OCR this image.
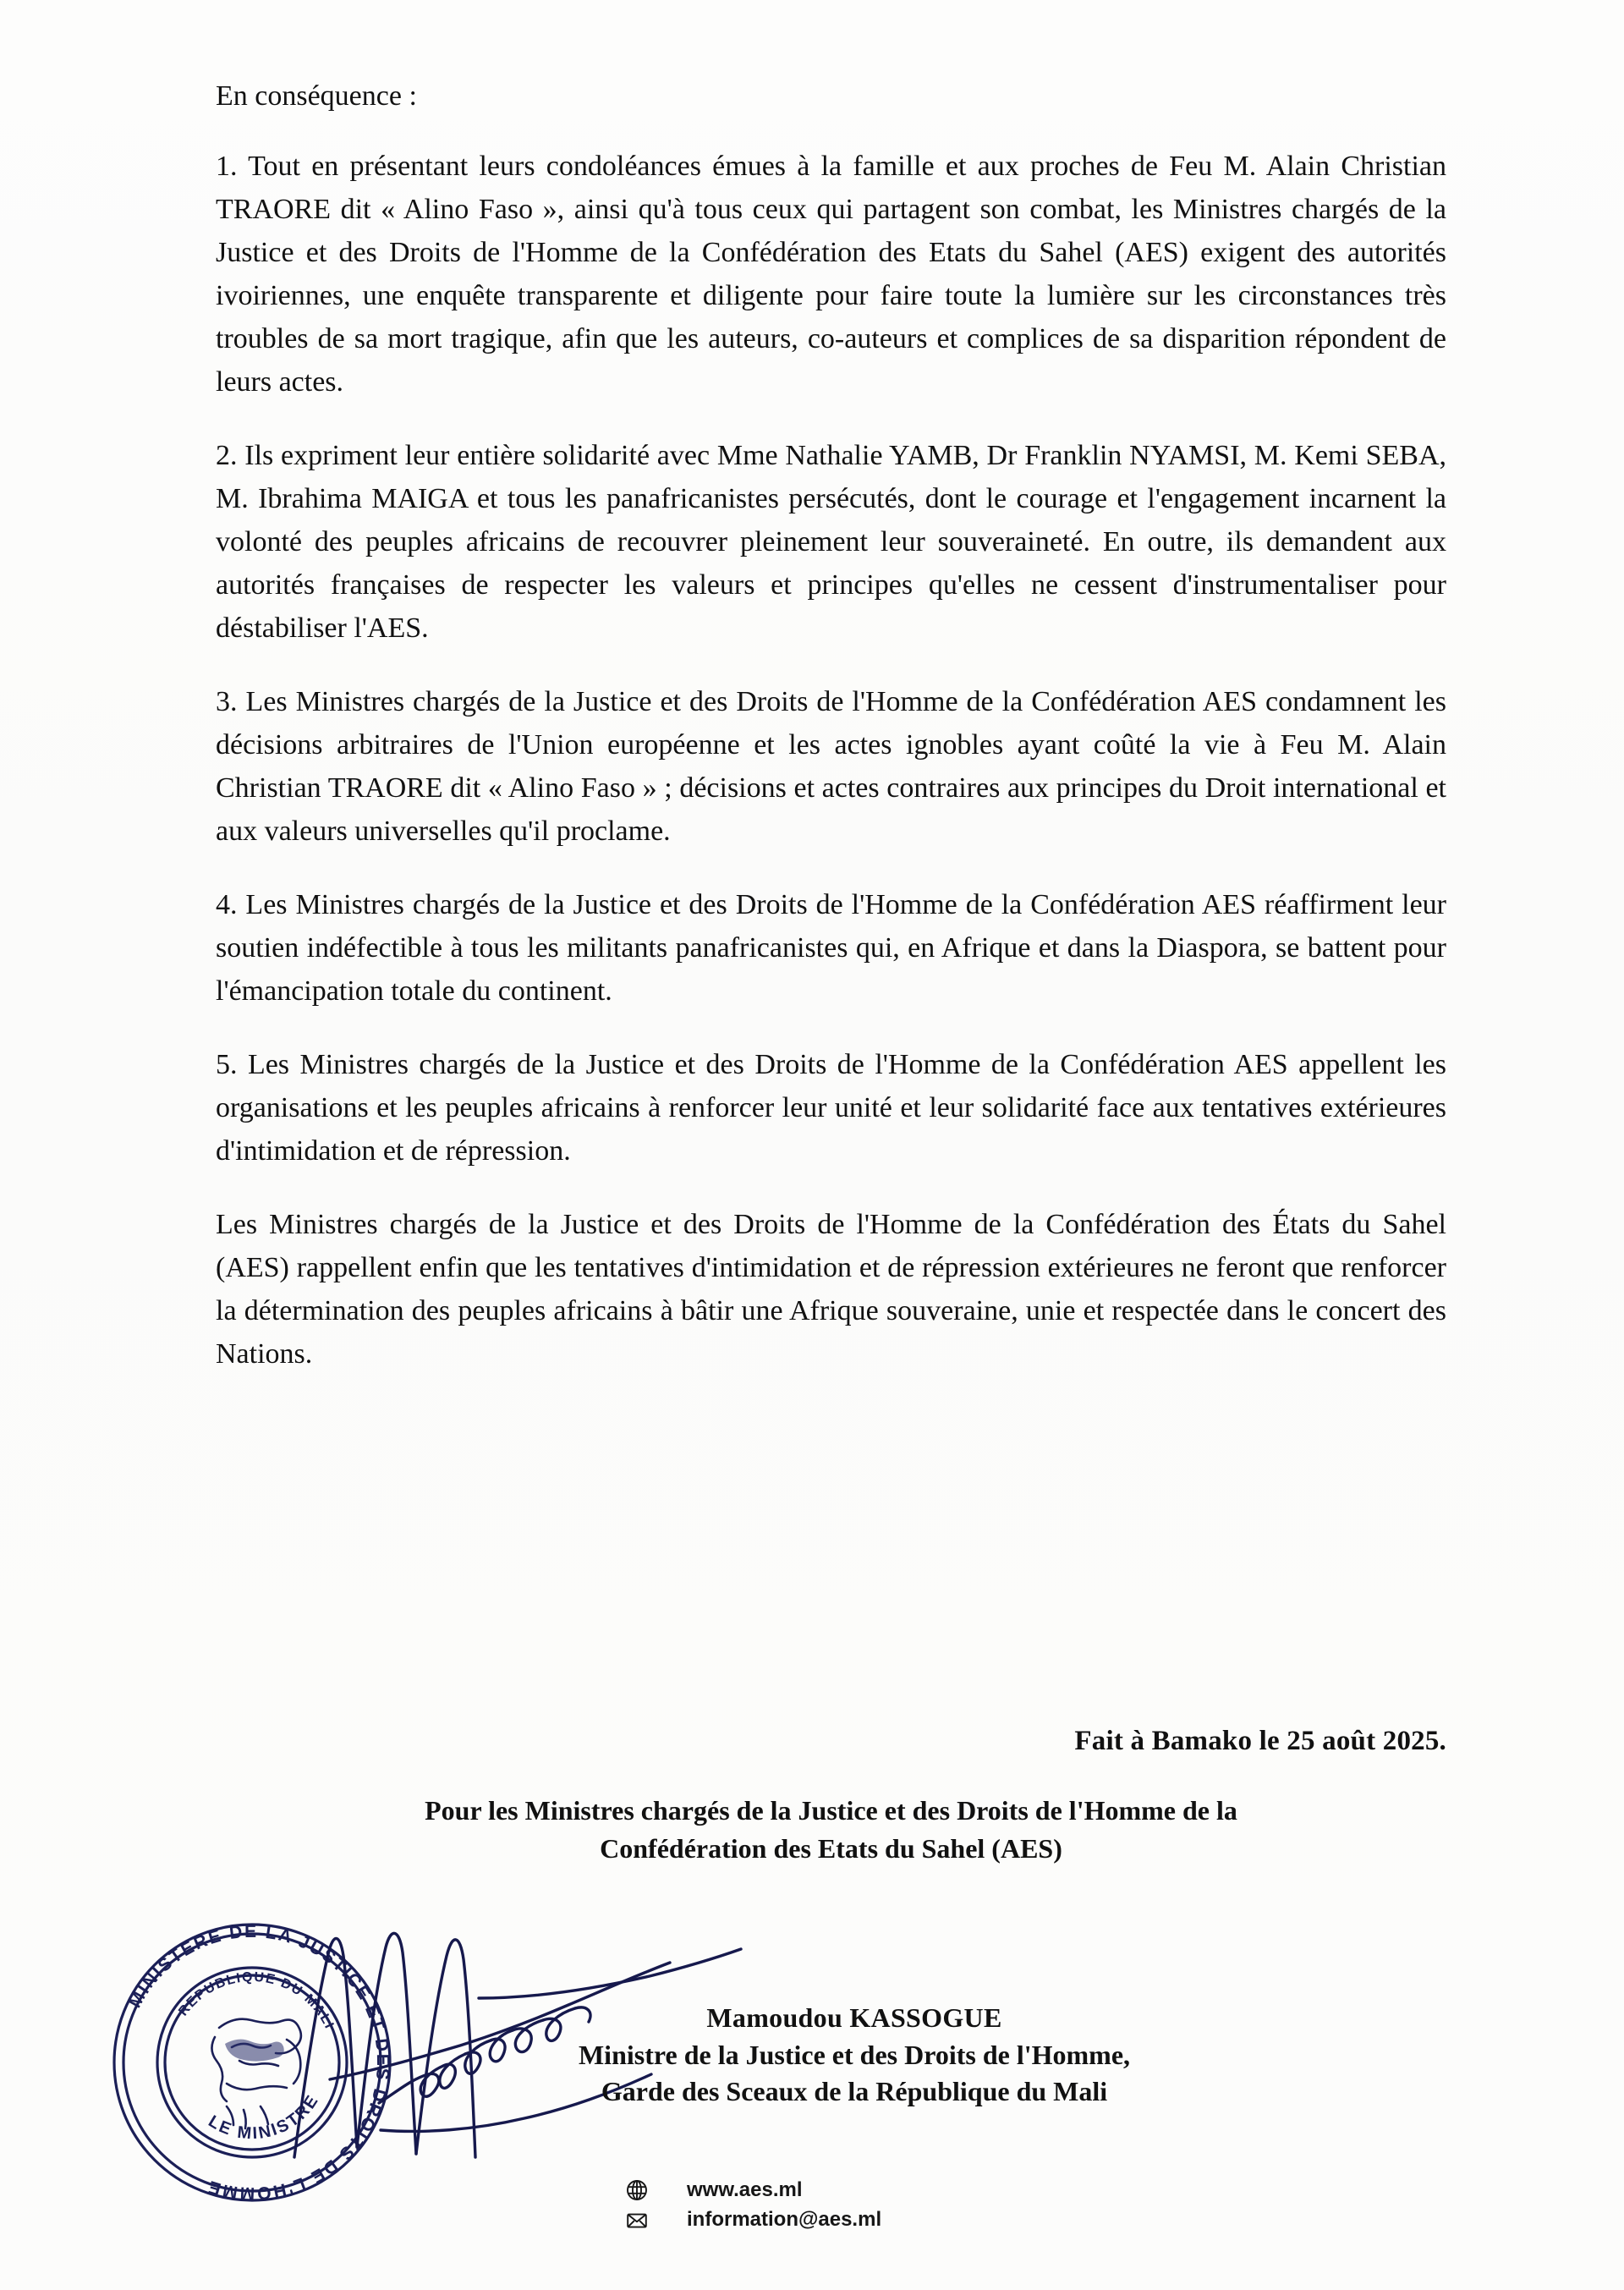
En conséquence :

1. Tout en présentant leurs condoléances émues à la famille et aux proches de Feu M. Alain Christian TRAORE dit « Alino Faso », ainsi qu'à tous ceux qui partagent son combat, les Ministres chargés de la Justice et des Droits de l'Homme de la Confédération des Etats du Sahel (AES) exigent des autorités ivoiriennes, une enquête transparente et diligente pour faire toute la lumière sur les circonstances très troubles de sa mort tragique, afin que les auteurs, co-auteurs et complices de sa disparition répondent de leurs actes.

2. Ils expriment leur entière solidarité avec Mme Nathalie YAMB, Dr Franklin NYAMSI, M. Kemi SEBA, M. Ibrahima MAIGA et tous les panafricanistes persécutés, dont le courage et l'engagement incarnent la volonté des peuples africains de recouvrer pleinement leur souveraineté. En outre, ils demandent aux autorités françaises de respecter les valeurs et principes qu'elles ne cessent d'instrumentaliser pour déstabiliser l'AES.

3. Les Ministres chargés de la Justice et des Droits de l'Homme de la Confédération AES condamnent les décisions arbitraires de l'Union européenne et les actes ignobles ayant coûté la vie à Feu M. Alain Christian TRAORE dit « Alino Faso » ; décisions et actes contraires aux principes du Droit international et aux valeurs universelles qu'il proclame.

4. Les Ministres chargés de la Justice et des Droits de l'Homme de la Confédération AES réaffirment leur soutien indéfectible à tous les militants panafricanistes qui, en Afrique et dans la Diaspora, se battent pour l'émancipation totale du continent.

5. Les Ministres chargés de la Justice et des Droits de l'Homme de la Confédération AES appellent les organisations et les peuples africains à renforcer leur unité et leur solidarité face aux tentatives extérieures d'intimidation et de répression.

Les Ministres chargés de la Justice et des Droits de l'Homme de la Confédération des États du Sahel (AES) rappellent enfin que les tentatives d'intimidation et de répression extérieures ne feront que renforcer la détermination des peuples africains à bâtir une Afrique souveraine, unie et respectée dans le concert des Nations.

Fait à Bamako le 25 août 2025.
Pour les Ministres chargés de la Justice et des Droits de l'Homme de la
Confédération des Etats du Sahel (AES)
MINISTERE DE LA JUSTICE ET DES DROITS DE L'HOMME
REPUBLIQUE DU MALI
LE MINISTRE
Mamoudou KASSOGUE
Ministre de la Justice et des Droits de l'Homme,
Garde des Sceaux de la République du Mali
www.aes.ml
information@aes.ml
